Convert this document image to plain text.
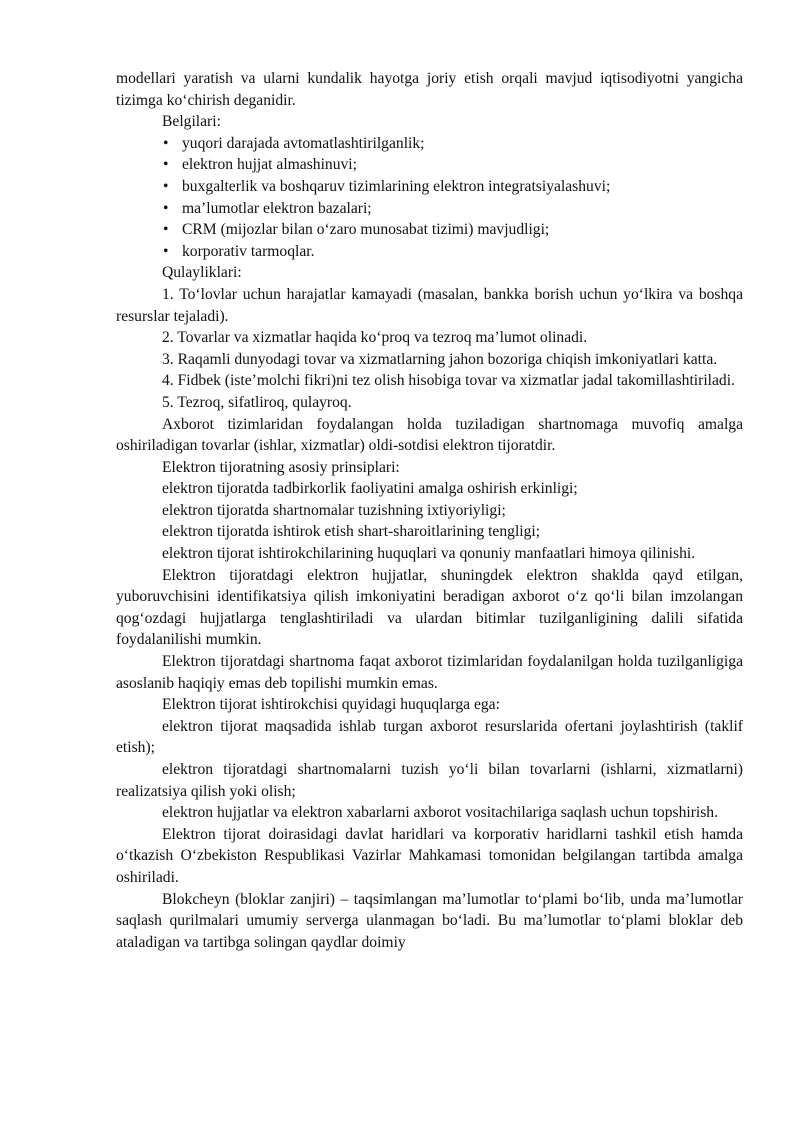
modellari yaratish va ularni kundalik hayotga joriy etish orqali mavjud iqtisodiyotni yangicha tizimga ko‘chirish deganidir.

Belgilari:

• yuqori darajada avtomatlashtirilganlik;
• elektron hujjat almashinuvi;
• buxgalterlik va boshqaruv tizimlarining elektron integratsiyalashuvi;
• ma’lumotlar elektron bazalari;
• CRM (mijozlar bilan o‘zaro munosabat tizimi) mavjudligi;
• korporativ tarmoqlar.

Qulayliklari:

1. To‘lovlar uchun harajatlar kamayadi (masalan, bankka borish uchun yo‘lkira va boshqa resurslar tejaladi).

2. Tovarlar va xizmatlar haqida ko‘proq va tezroq ma’lumot olinadi.

3. Raqamli dunyodagi tovar va xizmatlarning jahon bozoriga chiqish imkoniyatlari katta.

4. Fidbek (iste’molchi fikri)ni tez olish hisobiga tovar va xizmatlar jadal takomillashtiriladi.

5. Tezroq, sifatliroq, qulayroq.

Axborot tizimlaridan foydalangan holda tuziladigan shartnomaga muvofiq amalga oshiriladigan tovarlar (ishlar, xizmatlar) oldi-sotdisi elektron tijoratdir.

Elektron tijoratning asosiy prinsiplari:

elektron tijoratda tadbirkorlik faoliyatini amalga oshirish erkinligi;

elektron tijoratda shartnomalar tuzishning ixtiyoriyligi;

elektron tijoratda ishtirok etish shart-sharoitlarining tengligi;

elektron tijorat ishtirokchilarining huquqlari va qonuniy manfaatlari himoya qilinishi.

Elektron tijoratdagi elektron hujjatlar, shuningdek elektron shaklda qayd etilgan, yuboruvchisini identifikatsiya qilish imkoniyatini beradigan axborot o‘z qo‘li bilan imzolangan qog‘ozdagi hujjatlarga tenglashtiriladi va ulardan bitimlar tuzilganligining dalili sifatida foydalanilishi mumkin.

Elektron tijoratdagi shartnoma faqat axborot tizimlaridan foydalanilgan holda tuzilganligiga asoslanib haqiqiy emas deb topilishi mumkin emas.

Elektron tijorat ishtirokchisi quyidagi huquqlarga ega:

elektron tijorat maqsadida ishlab turgan axborot resurslarida ofertani joylashtirish (taklif etish);

elektron tijoratdagi shartnomalarni tuzish yo‘li bilan tovarlarni (ishlarni, xizmatlarni) realizatsiya qilish yoki olish;

elektron hujjatlar va elektron xabarlarni axborot vositachilariga saqlash uchun topshirish.

Elektron tijorat doirasidagi davlat haridlari va korporativ haridlarni tashkil etish hamda o‘tkazish O‘zbekiston Respublikasi Vazirlar Mahkamasi tomonidan belgilangan tartibda amalga oshiriladi.

Blokcheyn (bloklar zanjiri) – taqsimlangan ma’lumotlar to‘plami bo‘lib, unda ma’lumotlar saqlash qurilmalari umumiy serverga ulanmagan bo‘ladi. Bu ma’lumotlar to‘plami bloklar deb ataladigan va tartibga solingan qaydlar doimiy
